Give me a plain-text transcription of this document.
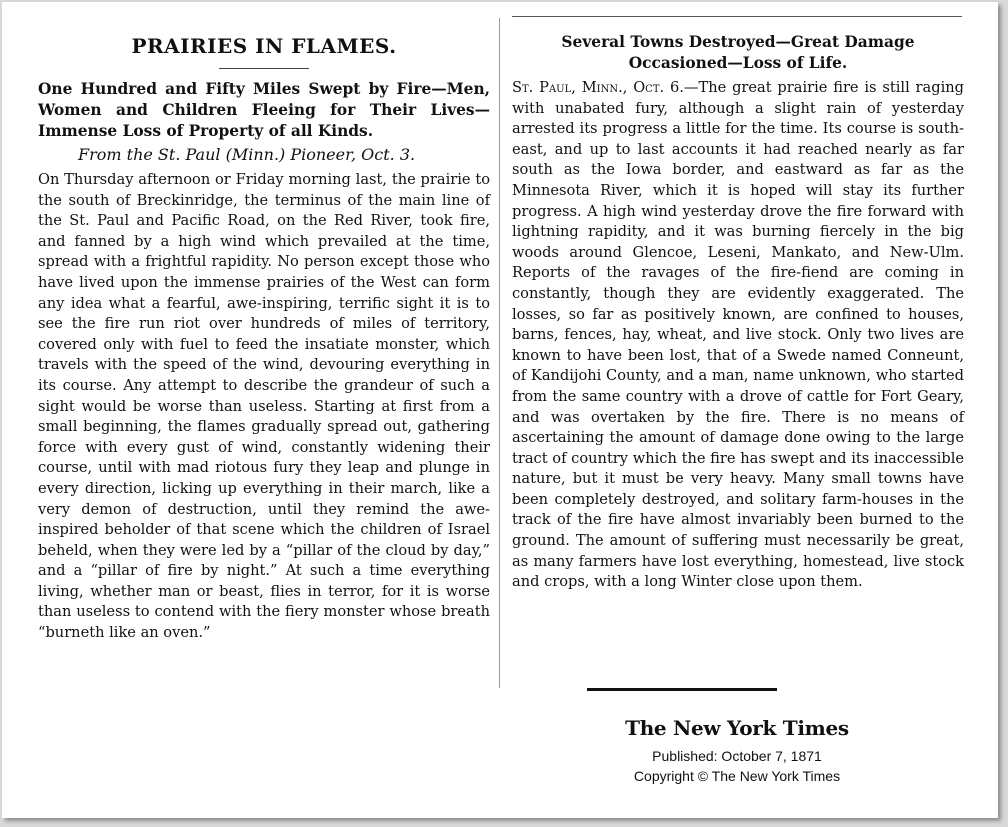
PRAIRIES IN FLAMES.

One Hundred and Fifty Miles Swept by Fire—Men, Women and Children Fleeing for Their Lives—Immense Loss of Property of all Kinds.

From the St. Paul (Minn.) Pioneer, Oct. 3.

On Thursday afternoon or Friday morning last, the prairie to the south of Breckinridge, the terminus of the main line of the St. Paul and Pacific Road, on the Red River, took fire, and fanned by a high wind which prevailed at the time, spread with a frightful rapidity. No person except those who have lived upon the immense prairies of the West can form any idea what a fearful, awe-inspiring, terrific sight it is to see the fire run riot over hundreds of miles of territory, covered only with fuel to feed the insatiate monster, which travels with the speed of the wind, devouring everything in its course. Any attempt to describe the grandeur of such a sight would be worse than useless. Starting at first from a small beginning, the flames gradually spread out, gathering force with every gust of wind, constantly widening their course, until with mad riotous fury they leap and plunge in every direction, licking up everything in their march, like a very demon of destruction, until they remind the awe-inspired beholder of that scene which the children of Israel beheld, when they were led by a “pillar of the cloud by day,” and a “pillar of fire by night.” At such a time everything living, whether man or beast, flies in terror, for it is worse than useless to contend with the fiery monster whose breath “burneth like an oven.”

Several Towns Destroyed—Great Damage Occasioned—Loss of Life.

St. Paul, Minn., Oct. 6.—The great prairie fire is still raging with unabated fury, although a slight rain of yesterday arrested its progress a little for the time. Its course is south-east, and up to last accounts it had reached nearly as far south as the Iowa border, and eastward as far as the Minnesota River, which it is hoped will stay its further progress. A high wind yesterday drove the fire forward with lightning rapidity, and it was burning fiercely in the big woods around Glencoe, Leseni, Mankato, and New-Ulm. Reports of the ravages of the fire-fiend are coming in constantly, though they are evidently exaggerated. The losses, so far as positively known, are confined to houses, barns, fences, hay, wheat, and live stock. Only two lives are known to have been lost, that of a Swede named Conneunt, of Kandijohi County, and a man, name unknown, who started from the same country with a drove of cattle for Fort Geary, and was overtaken by the fire. There is no means of ascertaining the amount of damage done owing to the large tract of country which the fire has swept and its inaccessible nature, but it must be very heavy. Many small towns have been completely destroyed, and solitary farm-houses in the track of the fire have almost invariably been burned to the ground. The amount of suffering must necessarily be great, as many farmers have lost everything, homestead, live stock and crops, with a long Winter close upon them.

The New York Times
Published: October 7, 1871
Copyright © The New York Times
